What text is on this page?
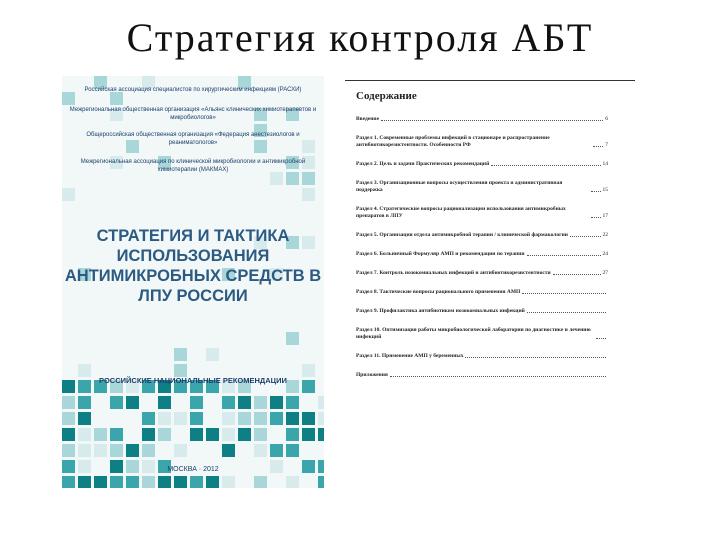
Стратегия контроля АБТ
Российская ассоциация специалистов по хирургическим инфекциям (РАСХИ)
Межрегиональная общественная организация «Альянс клинических химиотерапевтов и микробиологов»
Общероссийская общественная организация «Федерация анестезиологов и реаниматологов»
Межрегиональная ассоциация по клинической микробиологии и антимикробной химиотерапии (МАКМАХ)
СТРАТЕГИЯ И ТАКТИКА ИСПОЛЬЗОВАНИЯ АНТИМИКРОБНЫХ СРЕДСТВ В ЛПУ РОССИИ
РОССИЙСКИЕ НАЦИОНАЛЬНЫЕ РЕКОМЕНДАЦИИ
МОСКВА · 2012
Содержание
Введение	6
Раздел 1. Современные проблемы инфекций в стационаре и распространение антибиотикорезистентности. Особенности РФ	7
Раздел 2. Цель и задачи Практических рекомендаций	14
Раздел 3. Организационные вопросы осуществления проекта и административная поддержка	15
Раздел 4. Стратегические вопросы рационализации использования антимикробных препаратов в ЛПУ	17
Раздел 5. Организация отдела антимикробной терапии / клинической фармакологии	22
Раздел 6. Больничный Формуляр АМП и рекомендации по терапии	24
Раздел 7. Контроль нозокомиальных инфекций и антибиотикорезистентности	27
Раздел 8. Тактические вопросы рационального применения АМП
Раздел 9. Профилактика антибиотиком нозокомиальных инфекций
Раздел 10. Оптимизация работы микробиологической лаборатории по диагностике и лечению инфекций
Раздел 11. Применение АМП у беременных
Приложения
